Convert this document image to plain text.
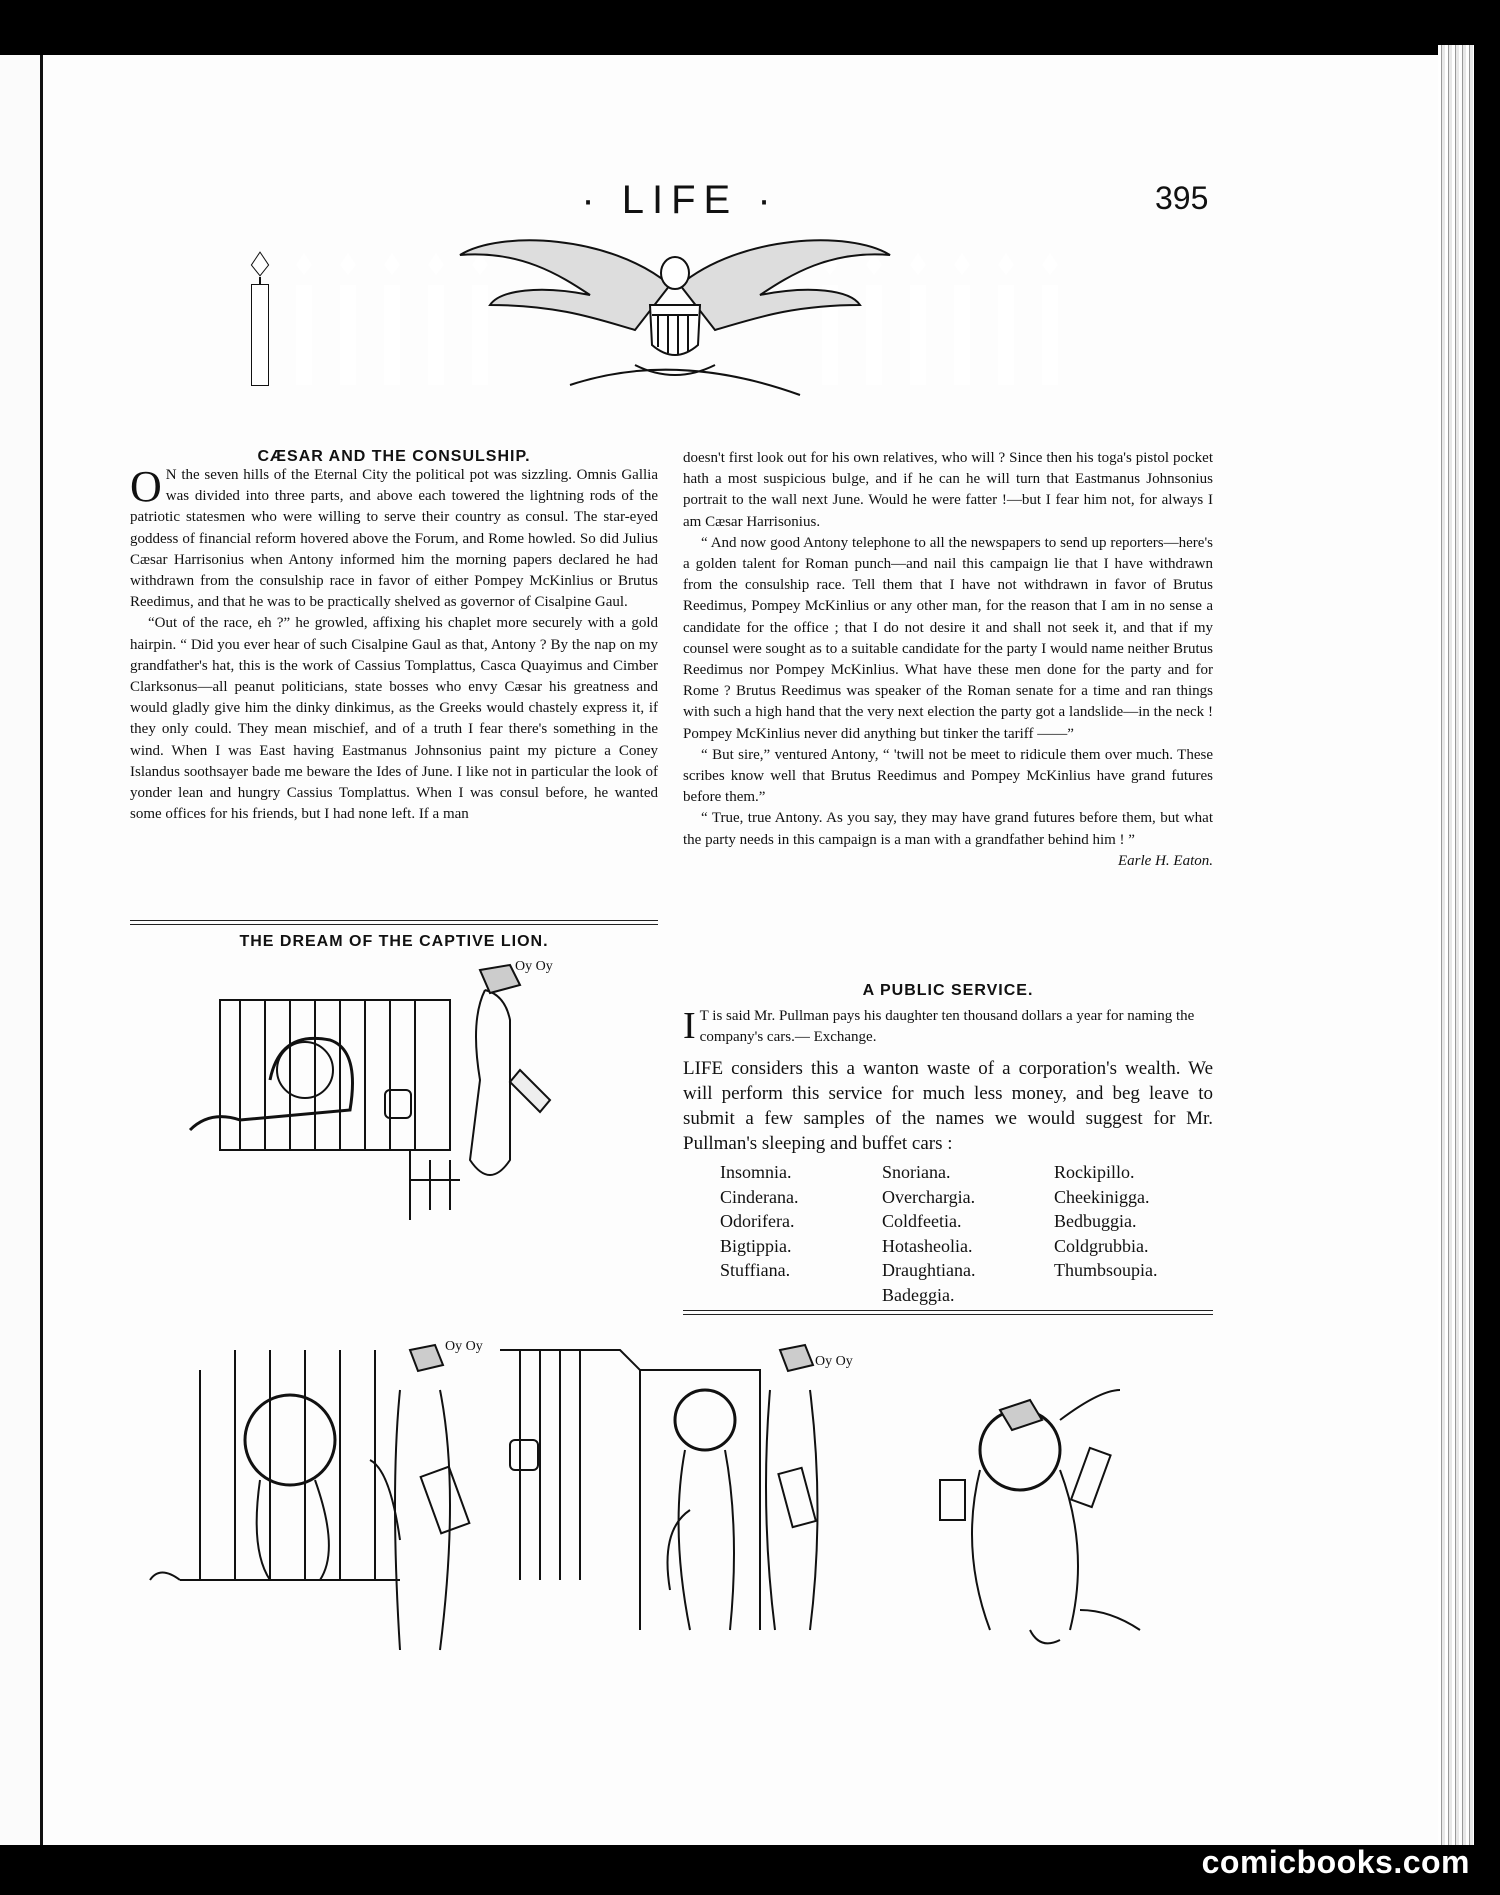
· LIFE ·	395
CÆSAR AND THE CONSULSHIP.

O N the seven hills of the Eternal City the political pot was sizzling. Omnis Gallia was divided into three parts, and above each towered the lightning rods of the patriotic statesmen who were willing to serve their country as consul. The star-eyed goddess of financial reform hovered above the Forum, and Rome howled. So did Julius Cæsar Harrisonius when Antony informed him the morning papers declared he had withdrawn from the consulship race in favor of either Pompey McKinlius or Brutus Reedimus, and that he was to be practically shelved as governor of Cisalpine Gaul.

“Out of the race, eh ?” he growled, affixing his chaplet more securely with a gold hairpin. “ Did you ever hear of such Cisalpine Gaul as that, Antony ? By the nap on my grandfather's hat, this is the work of Cassius Tomplattus, Casca Quayimus and Cimber Clarksonus—all peanut politicians, state bosses who envy Cæsar his greatness and would gladly give him the dinky dinkimus, as the Greeks would chastely express it, if they only could. They mean mischief, and of a truth I fear there's something in the wind. When I was East having Eastmanus Johnsonius paint my picture a Coney Islandus soothsayer bade me beware the Ides of June. I like not in particular the look of yonder lean and hungry Cassius Tomplattus. When I was consul before, he wanted some offices for his friends, but I had none left. If a man

doesn't first look out for his own relatives, who will ? Since then his toga's pistol pocket hath a most suspicious bulge, and if he can he will turn that Eastmanus Johnsonius portrait to the wall next June. Would he were fatter !—but I fear him not, for always I am Cæsar Harrisonius.

“ And now good Antony telephone to all the newspapers to send up reporters—here's a golden talent for Roman punch—and nail this campaign lie that I have withdrawn from the consulship race. Tell them that I have not withdrawn in favor of Brutus Reedimus, Pompey McKinlius or any other man, for the reason that I am in no sense a candidate for the office ; that I do not desire it and shall not seek it, and that if my counsel were sought as to a suitable candidate for the party I would name neither Brutus Reedimus nor Pompey McKinlius. What have these men done for the party and for Rome ? Brutus Reedimus was speaker of the Roman senate for a time and ran things with such a high hand that the very next election the party got a landslide—in the neck ! Pompey McKinlius never did anything but tinker the tariff ——”

“ But sire,” ventured Antony, “ 'twill not be meet to ridicule them over much. These scribes know well that Brutus Reedimus and Pompey McKinlius have grand futures before them.”

“ True, true Antony. As you say, they may have grand futures before them, but what the party needs in this campaign is a man with a grandfather behind him ! ”

Earle H. Eaton.
THE DREAM OF THE CAPTIVE LION.
Oy Oy
A PUBLIC SERVICE.
I T is said Mr. Pullman pays his daughter ten thousand dollars a year for naming the company's cars.— Exchange.
LIFE considers this a wanton waste of a corporation's wealth. We will perform this service for much less money, and beg leave to submit a few samples of the names we would suggest for Mr. Pullman's sleeping and buffet cars :
Insomnia.
Cinderana.
Odorifera.
Bigtippia.
Stuffiana.
Snoriana.
Overchargia.
Coldfeetia.
Hotasheolia.
Draughtiana.
Badeggia.
Rockipillo.
Cheekinigga.
Bedbuggia.
Coldgrubbia.
Thumbsoupia.
Oy Oy
Oy Oy
comicbooks.com
